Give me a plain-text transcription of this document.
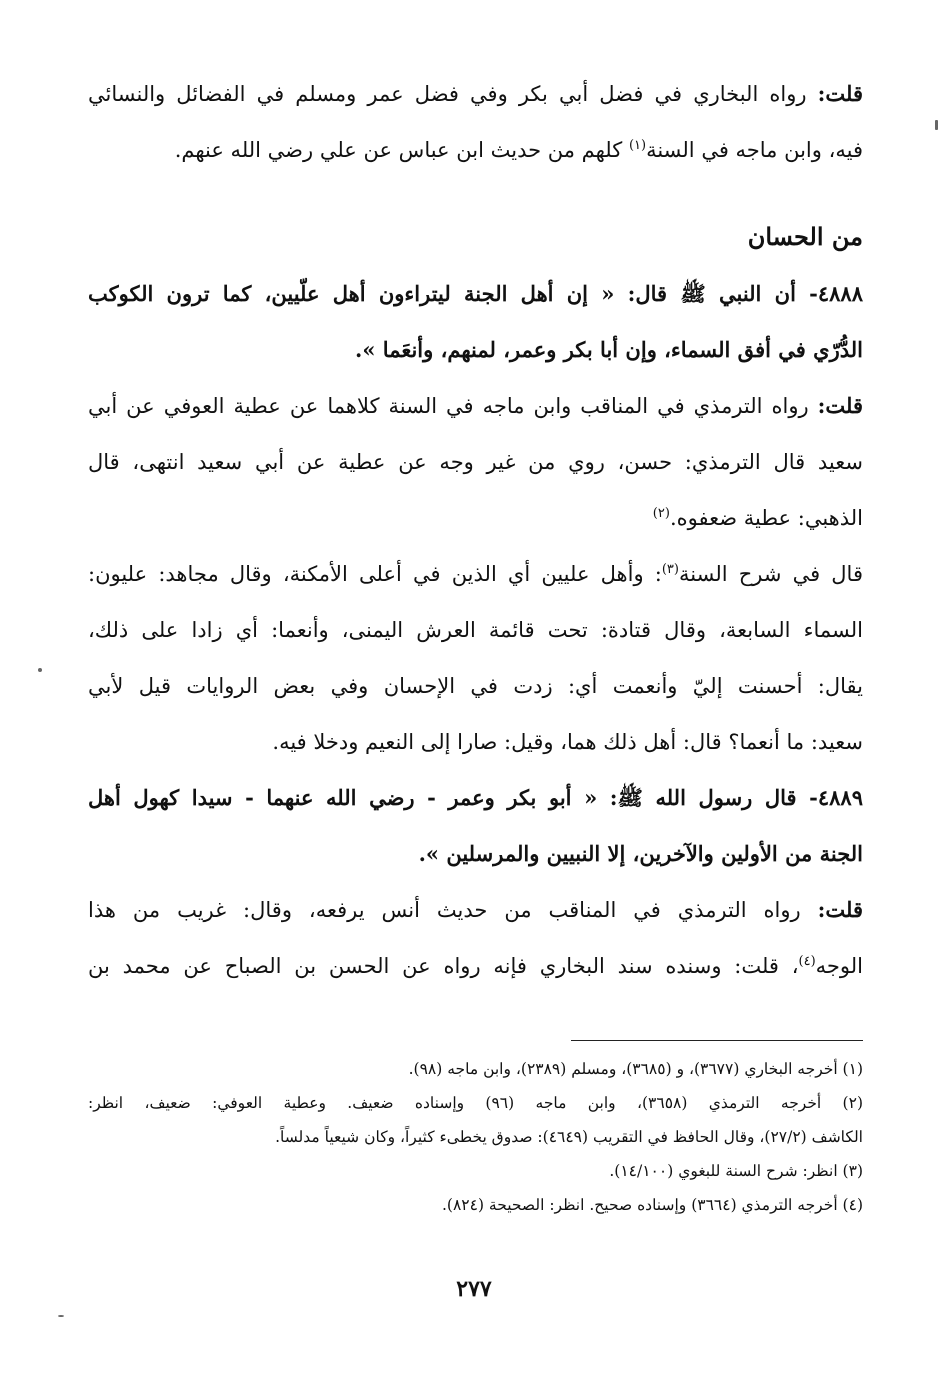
قلت: رواه البخاري في فضل أبي بكر وفي فضل عمر ومسلم في الفضائل والنسائي
فيه، وابن ماجه في السنة$^{(١)}$ كلهم من حديث ابن عباس عن علي رضي الله عنهم.
من الحسان
٤٨٨٨- أن النبي ﷺ قال: « إن أهل الجنة ليتراءون أهل علّيين، كما ترون الكوكب
الدُّرّي في أفق السماء، وإن أبا بكر وعمر، لمنهم، وأنعَما ».
قلت: رواه الترمذي في المناقب وابن ماجه في السنة كلاهما عن عطية العوفي عن أبي
سعيد قال الترمذي: حسن، روي من غير وجه عن عطية عن أبي سعيد انتهى، قال
الذهبي: عطية ضعفوه.$^{(٢)}$
قال في شرح السنة$^{(٣)}$: وأهل عليين أي الذين في أعلى الأمكنة، وقال مجاهد: عليون:
السماء السابعة، وقال قتادة: تحت قائمة العرش اليمنى، وأنعما: أي زادا على ذلك،
يقال: أحسنت إليّ وأنعمت أي: زدت في الإحسان وفي بعض الروايات قيل لأبي
سعيد: ما أنعما؟ قال: أهل ذلك هما، وقيل: صارا إلى النعيم ودخلا فيه.
٤٨٨٩- قال رسول الله ﷺ: « أبو بكر وعمر - رضي الله عنهما - سيدا كهول أهل
الجنة من الأولين والآخرين، إلا النبيين والمرسلين ».
قلت: رواه الترمذي في المناقب من حديث أنس يرفعه، وقال: غريب من هذا
الوجه$^{(٤)}$، قلت: وسنده سند البخاري فإنه رواه عن الحسن بن الصباح عن محمد بن
(١) أخرجه البخاري (٣٦٧٧)، و (٣٦٨٥)، ومسلم (٢٣٨٩)، وابن ماجه (٩٨).
(٢) أخرجه الترمذي (٣٦٥٨)، وابن ماجه (٩٦) وإسناده ضعيف. وعطية العوفي: ضعيف، انظر:
الكاشف (٢٧/٢)، وقال الحافظ في التقريب (٤٦٤٩): صدوق يخطىء كثيراً، وكان شيعياً مدلساً.
(٣) انظر: شرح السنة للبغوي (١٤/١٠٠).
(٤) أخرجه الترمذي (٣٦٦٤) وإسناده صحيح. انظر: الصحيحة (٨٢٤).
٢٧٧
